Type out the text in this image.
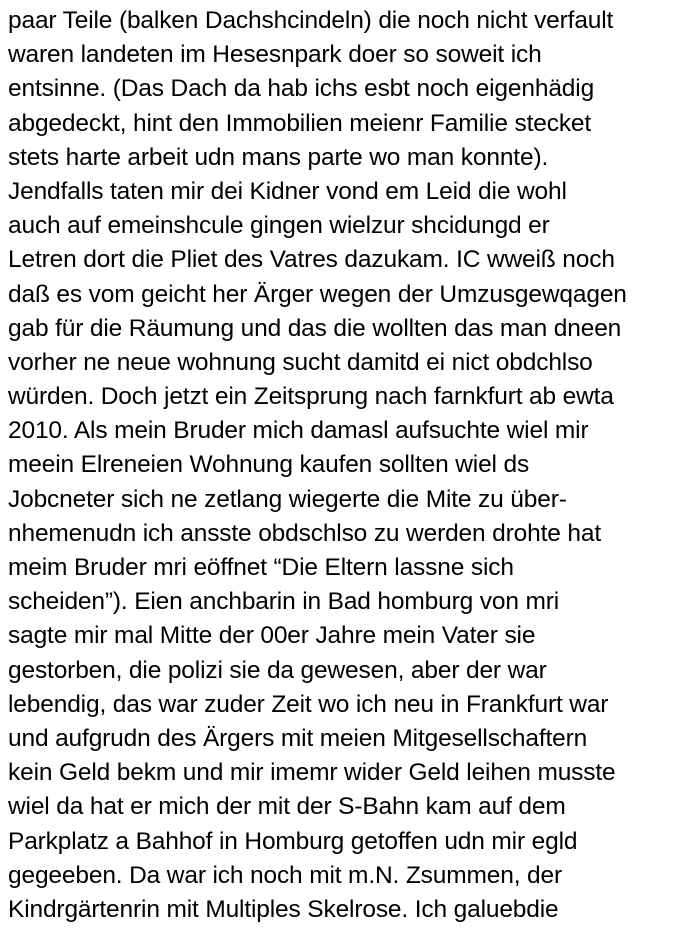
paar Teile (balken Dachshcindeln) die noch nicht verfault
waren landeten im Hesesnpark doer so soweit ich
entsinne. (Das Dach da hab ichs esbt noch eigenhädig
abgedeckt, hint den Immobilien meienr Familie stecket
stets harte arbeit udn mans parte wo man konnte).
Jendfalls taten mir dei Kidner vond em Leid die wohl
auch auf emeinshcule gingen wielzur shcidungd er
Letren dort die Pliet des Vatres dazukam. IC wweiß noch
daß es vom geicht her Ärger wegen der Umzusgewqagen
gab für die Räumung und das die wollten das man dneen
vorher ne neue wohnung sucht damitd ei nict obdchlso
würden. Doch jetzt ein Zeitsprung nach farnkfurt ab ewta
2010. Als mein Bruder mich damasl aufsuchte wiel mir
meein Elreneien Wohnung kaufen sollten wiel ds
Jobcneter sich ne zetlang wiegerte die Mite zu über-
nhemenudn ich ansste obdschlso zu werden drohte hat
meim Bruder mri eöffnet “Die Eltern lassne sich
scheiden”). Eien anchbarin in Bad homburg von mri
sagte mir mal Mitte der 00er Jahre mein Vater sie
gestorben, die polizi sie da gewesen, aber der war
lebendig, das war zuder Zeit wo ich neu in Frankfurt war
und aufgrudn des Ärgers mit meien Mitgesellschaftern
kein Geld bekm und mir imemr wider Geld leihen musste
wiel da hat er mich der mit der S-Bahn kam auf dem
Parkplatz a Bahhof in Homburg getoffen udn mir egld
gegeeben. Da war ich noch mit m.N. Zsummen, der
Kindrgärtenrin mit Multiples Skelrose. Ich galuebdie
